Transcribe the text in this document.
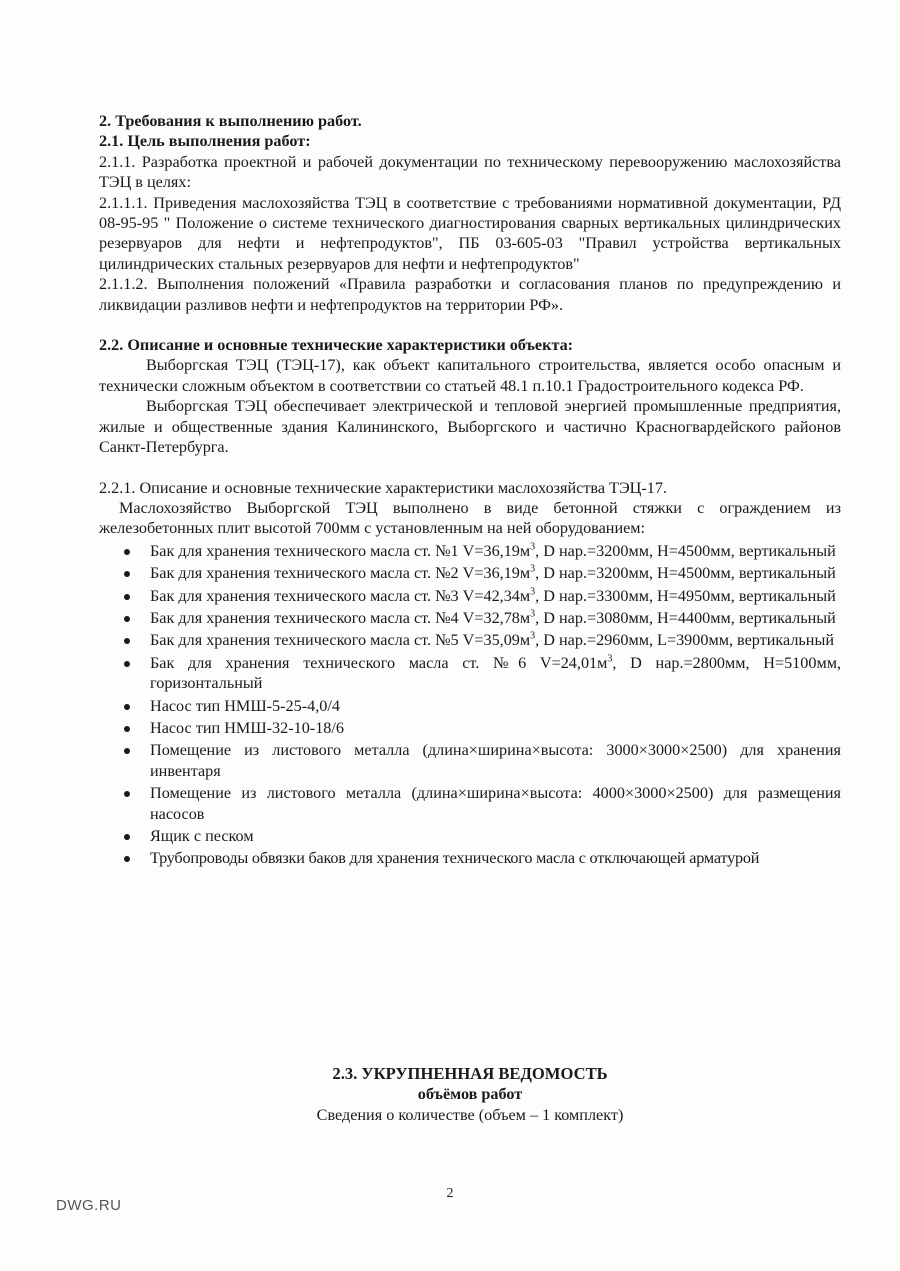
2. Требования к выполнению работ.

2.1. Цель выполнения работ:

2.1.1. Разработка проектной и рабочей документации по техническому перевооружению маслохозяйства ТЭЦ в целях:

2.1.1.1. Приведения маслохозяйства ТЭЦ в соответствие с требованиями нормативной документации, РД 08-95-95 " Положение о системе технического диагностирования сварных вертикальных цилиндрических резервуаров для нефти и нефтепродуктов", ПБ 03-605-03 "Правил устройства вертикальных цилиндрических стальных резервуаров для нефти и нефтепродуктов"

2.1.1.2. Выполнения положений «Правила разработки и согласования планов по предупреждению и ликвидации разливов нефти и нефтепродуктов на территории РФ».

2.2. Описание и основные технические характеристики объекта:

Выборгская ТЭЦ (ТЭЦ-17), как объект капитального строительства, является особо опасным и технически сложным объектом в соответствии со статьей 48.1 п.10.1 Градостроительного кодекса РФ.

Выборгская ТЭЦ обеспечивает электрической и тепловой энергией промышленные предприятия, жилые и общественные здания Калининского, Выборгского и частично Красногвардейского районов Санкт-Петербурга.

2.2.1. Описание и основные технические характеристики маслохозяйства ТЭЦ-17.

Маслохозяйство Выборгской ТЭЦ выполнено в виде бетонной стяжки с ограждением из железобетонных плит высотой 700мм с установленным на ней оборудованием:

Бак для хранения технического масла ст. №1 $V=36,19м^3$, D нар.=3200мм, H=4500мм, вертикальный
Бак для хранения технического масла ст. №2 $V=36,19м^3$, D нар.=3200мм, H=4500мм, вертикальный
Бак для хранения технического масла ст. №3 $V=42,34м^3$, D нар.=3300мм, H=4950мм, вертикальный
Бак для хранения технического масла ст. №4 $V=32,78м^3$, D нар.=3080мм, H=4400мм, вертикальный
Бак для хранения технического масла ст. №5 $V=35,09м^3$, D нар.=2960мм, L=3900мм, вертикальный
Бак для хранения технического масла ст. №6 $V=24,01м^3$, D нар.=2800мм, H=5100мм, горизонтальный
Насос тип НМШ-5-25-4,0/4
Насос тип НМШ-32-10-18/6
Помещение из листового металла (длина×ширина×высота: 3000×3000×2500) для хранения инвентаря
Помещение из листового металла (длина×ширина×высота: 4000×3000×2500) для размещения насосов
Ящик с песком
Трубопроводы обвязки баков для хранения технического масла с отключающей арматурой
2.3. УКРУПНЕННАЯ ВЕДОМОСТЬ
объёмов работ
Сведения о количестве (объем – 1 комплект)
2
DWG.RU
